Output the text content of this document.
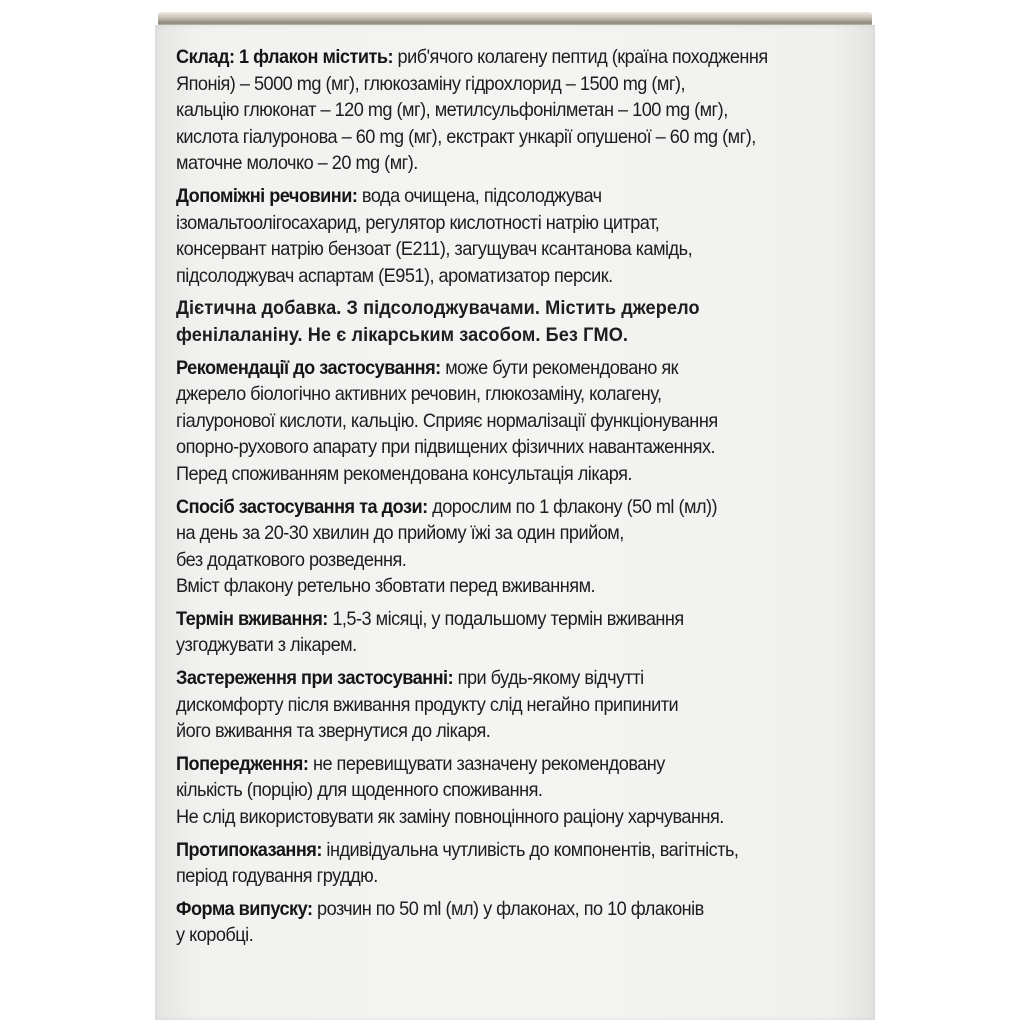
Склад: 1 флакон містить: риб'ячого колагену пептид (країна походження
Японія) – 5000 mg (мг), глюкозаміну гідрохлорид – 1500 mg (мг),
кальцію глюконат – 120 mg (мг), метилсульфонілметан – 100 mg (мг),
кислота гіалуронова – 60 mg (мг), екстракт ункарії опушеної – 60 mg (мг),
маточне молочко – 20 mg (мг).
Допоміжні речовини: вода очищена, підсолоджувач
ізомальтоолігосахарид, регулятор кислотності натрію цитрат,
консервант натрію бензоат (E211), загущувач ксантанова камідь,
підсолоджувач аспартам (E951), ароматизатор персик.
Дієтична добавка. З підсолоджувачами. Містить джерело
фенілаланіну. Не є лікарським засобом. Без ГМО.
Рекомендації до застосування: може бути рекомендовано як
джерело біологічно активних речовин, глюкозаміну, колагену,
гіалуронової кислоти, кальцію. Сприяє нормалізації функціонування
опорно-рухового апарату при підвищених фізичних навантаженнях.
Перед споживанням рекомендована консультація лікаря.
Спосіб застосування та дози: дорослим по 1 флакону (50 ml (мл))
на день за 20-30 хвилин до прийому їжі за один прийом,
без додаткового розведення.
Вміст флакону ретельно збовтати перед вживанням.
Термін вживання: 1,5-3 місяці, у подальшому термін вживання
узгоджувати з лікарем.
Застереження при застосуванні: при будь-якому відчутті
дискомфорту після вживання продукту слід негайно припинити
його вживання та звернутися до лікаря.
Попередження: не перевищувати зазначену рекомендовану
кількість (порцію) для щоденного споживання.
Не слід використовувати як заміну повноцінного раціону харчування.
Протипоказання: індивідуальна чутливість до компонентів, вагітність,
період годування груддю.
Форма випуску: розчин по 50 ml (мл) у флаконах, по 10 флаконів
у коробці.
